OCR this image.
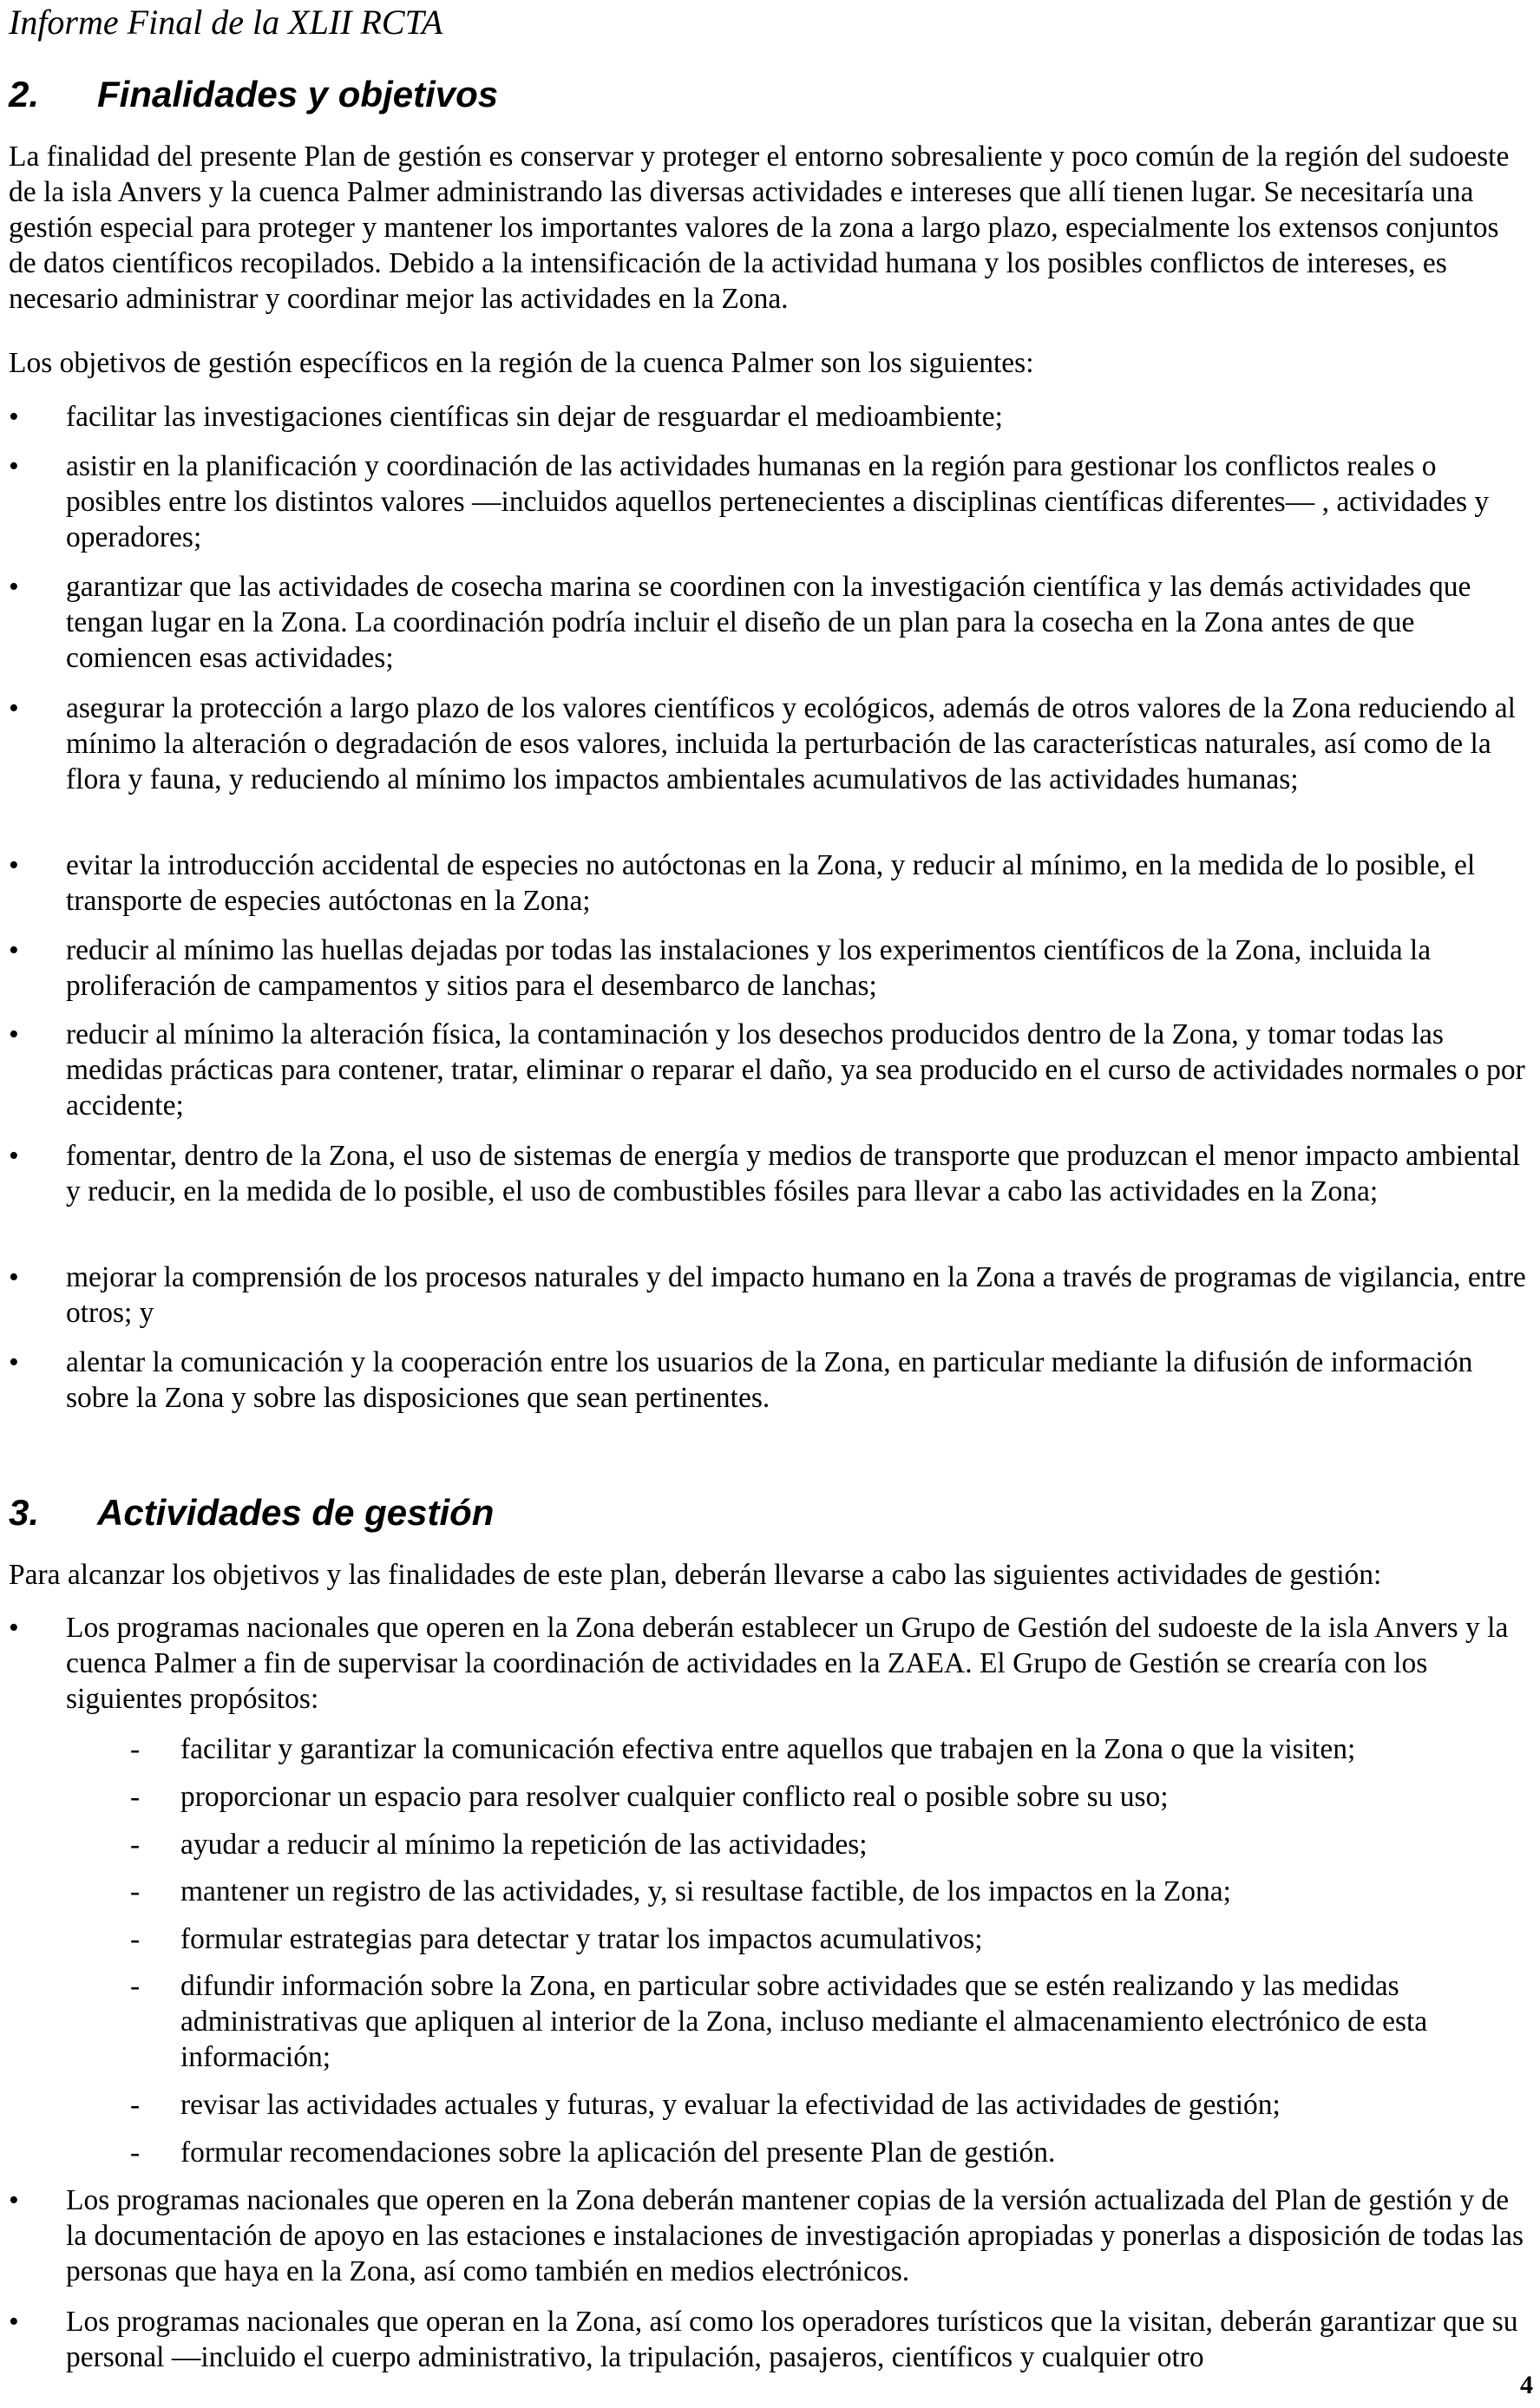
Informe Final de la XLII RCTA
2. Finalidades y objetivos
La finalidad del presente Plan de gestión es conservar y proteger el entorno sobresaliente y poco común de la región del sudoeste de la isla Anvers y la cuenca Palmer administrando las diversas actividades e intereses que allí tienen lugar. Se necesitaría una gestión especial para proteger y mantener los importantes valores de la zona a largo plazo, especialmente los extensos conjuntos de datos científicos recopilados. Debido a la intensificación de la actividad humana y los posibles conflictos de intereses, es necesario administrar y coordinar mejor las actividades en la Zona.
Los objetivos de gestión específicos en la región de la cuenca Palmer son los siguientes:
•	facilitar las investigaciones científicas sin dejar de resguardar el medioambiente;
•	asistir en la planificación y coordinación de las actividades humanas en la región para gestionar los conflictos reales o posibles entre los distintos valores —incluidos aquellos pertenecientes a disciplinas científicas diferentes— , actividades y operadores;
•	garantizar que las actividades de cosecha marina se coordinen con la investigación científica y las demás actividades que tengan lugar en la Zona. La coordinación podría incluir el diseño de un plan para la cosecha en la Zona antes de que comiencen esas actividades;
•	asegurar la protección a largo plazo de los valores científicos y ecológicos, además de otros valores de la Zona reduciendo al mínimo la alteración o degradación de esos valores, incluida la perturbación de las características naturales, así como de la flora y fauna, y reduciendo al mínimo los impactos ambientales acumulativos de las actividades humanas;
•	evitar la introducción accidental de especies no autóctonas en la Zona, y reducir al mínimo, en la medida de lo posible, el transporte de especies autóctonas en la Zona;
•	reducir al mínimo las huellas dejadas por todas las instalaciones y los experimentos científicos de la Zona, incluida la proliferación de campamentos y sitios para el desembarco de lanchas;
•	reducir al mínimo la alteración física, la contaminación y los desechos producidos dentro de la Zona, y tomar todas las medidas prácticas para contener, tratar, eliminar o reparar el daño, ya sea producido en el curso de actividades normales o por accidente;
•	fomentar, dentro de la Zona, el uso de sistemas de energía y medios de transporte que produzcan el menor impacto ambiental y reducir, en la medida de lo posible, el uso de combustibles fósiles para llevar a cabo las actividades en la Zona;
•	mejorar la comprensión de los procesos naturales y del impacto humano en la Zona a través de programas de vigilancia, entre otros; y
•	alentar la comunicación y la cooperación entre los usuarios de la Zona, en particular mediante la difusión de información sobre la Zona y sobre las disposiciones que sean pertinentes.
3. Actividades de gestión
Para alcanzar los objetivos y las finalidades de este plan, deberán llevarse a cabo las siguientes actividades de gestión:
•	Los programas nacionales que operen en la Zona deberán establecer un Grupo de Gestión del sudoeste de la isla Anvers y la cuenca Palmer a fin de supervisar la coordinación de actividades en la ZAEA. El Grupo de Gestión se crearía con los siguientes propósitos:
- facilitar y garantizar la comunicación efectiva entre aquellos que trabajen en la Zona o que la visiten;
- proporcionar un espacio para resolver cualquier conflicto real o posible sobre su uso;
- ayudar a reducir al mínimo la repetición de las actividades;
- mantener un registro de las actividades, y, si resultase factible, de los impactos en la Zona;
- formular estrategias para detectar y tratar los impactos acumulativos;
- difundir información sobre la Zona, en particular sobre actividades que se estén realizando y las medidas administrativas que apliquen al interior de la Zona, incluso mediante el almacenamiento electrónico de esta información;
- revisar las actividades actuales y futuras, y evaluar la efectividad de las actividades de gestión;
- formular recomendaciones sobre la aplicación del presente Plan de gestión.
•	Los programas nacionales que operen en la Zona deberán mantener copias de la versión actualizada del Plan de gestión y de la documentación de apoyo en las estaciones e instalaciones de investigación apropiadas y ponerlas a disposición de todas las personas que haya en la Zona, así como también en medios electrónicos.
•	Los programas nacionales que operan en la Zona, así como los operadores turísticos que la visitan, deberán garantizar que su personal —incluido el cuerpo administrativo, la tripulación, pasajeros, científicos y cualquier otro
4
